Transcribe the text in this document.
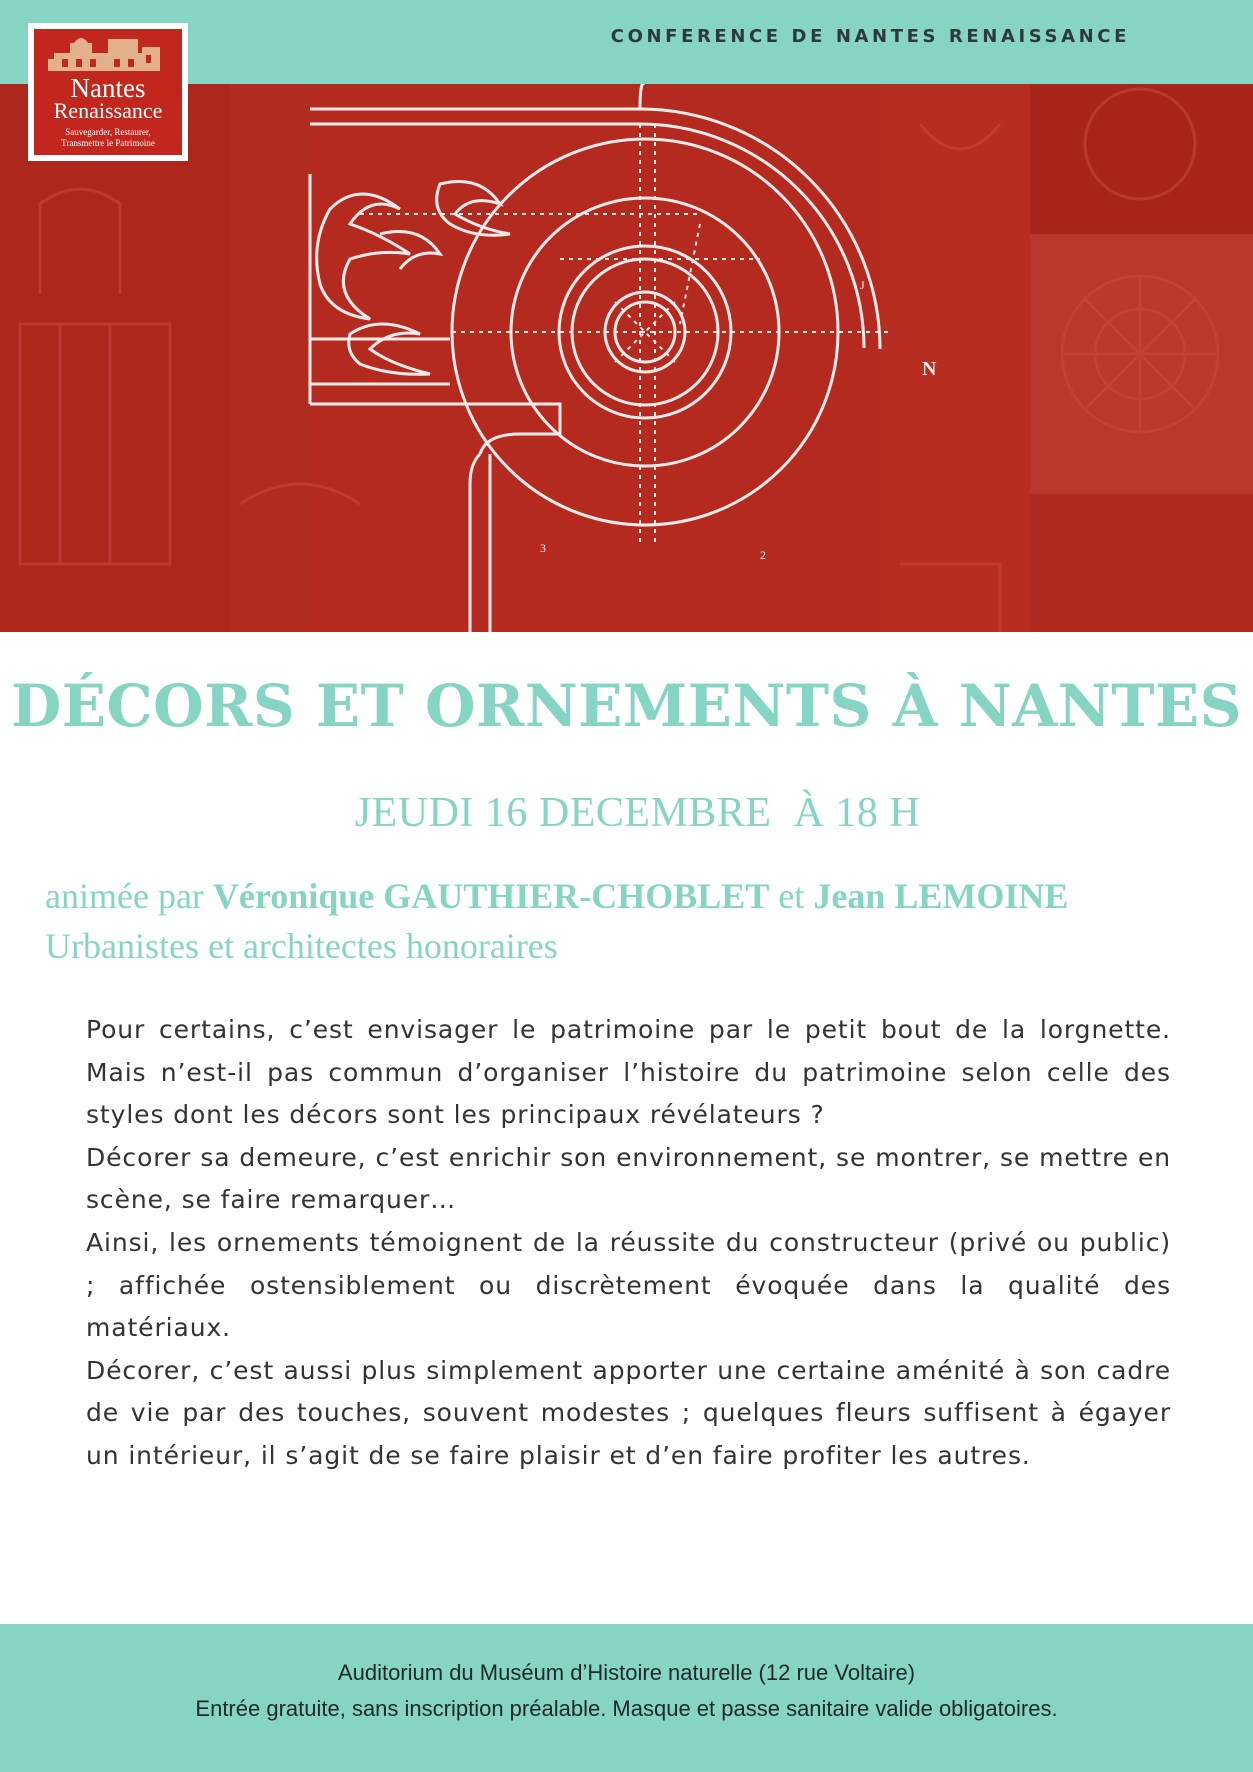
CONFERENCE DE NANTES RENAISSANCE
N
J
3	2
Nantes
Renaissance
Sauvegarder, Restaurer,
Transmettre le Patrimoine
DÉCORS ET ORNEMENTS À NANTES
JEUDI 16 DECEMBRE  À 18 H
animée par Véronique GAUTHIER-CHOBLET et Jean LEMOINE
Urbanistes et architectes honoraires

Pour certains, c’est envisager le patrimoine par le petit bout de la lorgnette. Mais n’est-il pas commun d’organiser l’histoire du patrimoine selon celle des styles dont les décors sont les principaux révélateurs ?

Décorer sa demeure, c’est enrichir son environnement, se montrer, se mettre en scène, se faire remarquer…

Ainsi, les ornements témoignent de la réussite du constructeur (privé ou public) ; affichée ostensiblement ou discrètement évoquée dans la qualité des matériaux.

Décorer, c’est aussi plus simplement apporter une certaine aménité à son cadre de vie par des touches, souvent modestes ; quelques fleurs suffisent à égayer un intérieur, il s’agit de se faire plaisir et d’en faire profiter les autres.

Auditorium du Muséum d’Histoire naturelle (12 rue Voltaire)
Entrée gratuite, sans inscription préalable. Masque et passe sanitaire valide obligatoires.
